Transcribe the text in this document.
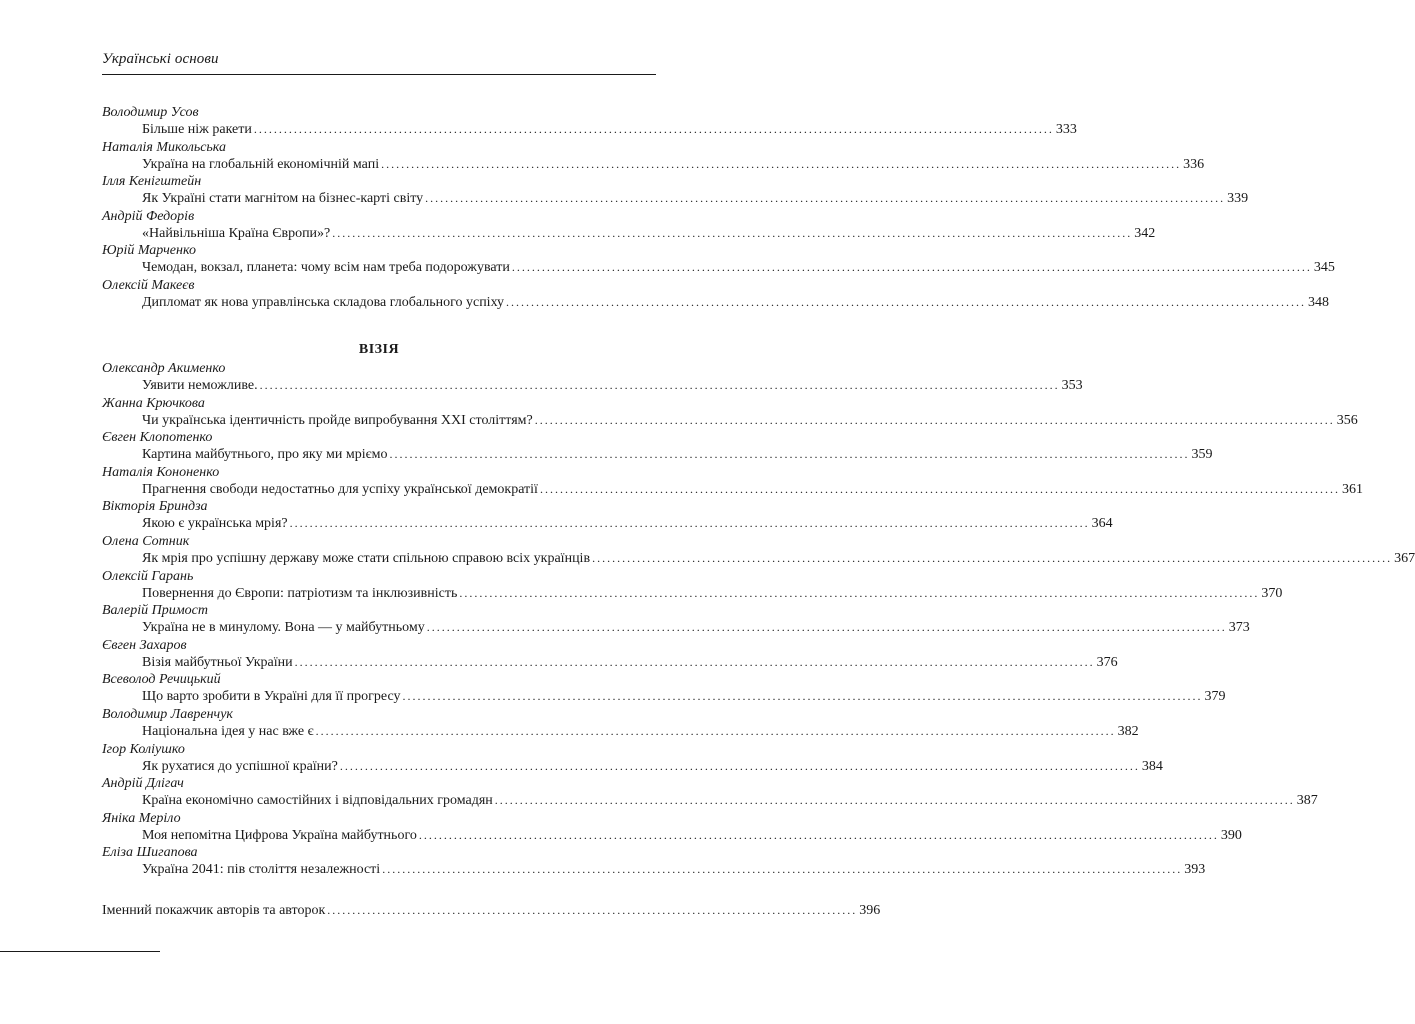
Українські основи
Володимир Усов
Більше ніж ракети ................................................................................................................................................................ 333
Наталія Микольська
Україна на глобальній економічній мапі ................................................................................................................................................................ 336
Ілля Кенігштейн
Як Україні стати магнітом на бізнес-карті світу ................................................................................................................................................................ 339
Андрій Федорів
«Найвільніша Країна Європи»? ................................................................................................................................................................ 342
Юрій Марченко
Чемодан, вокзал, планета: чому всім нам треба подорожувати ................................................................................................................................................................ 345
Олексій Макеєв
Дипломат як нова управлінська складова глобального успіху ................................................................................................................................................................ 348
ВІЗІЯ
Олександр Акименко
Уявити неможливе. ................................................................................................................................................................ 353
Жанна Крючкова
Чи українська ідентичність пройде випробування XXI століттям? ................................................................................................................................................................ 356
Євген Клопотенко
Картина майбутнього, про яку ми мріємо ................................................................................................................................................................ 359
Наталія Кононенко
Прагнення свободи недостатньо для успіху української демократії ................................................................................................................................................................ 361
Вікторія Бриндза
Якою є українська мрія? ................................................................................................................................................................ 364
Олена Сотник
Як мрія про успішну державу може стати спільною справою всіх українців ................................................................................................................................................................ 367
Олексій Гарань
Повернення до Європи: патріотизм та інклюзивність ................................................................................................................................................................ 370
Валерій Примост
Україна не в минулому. Вона — у майбутньому ................................................................................................................................................................ 373
Євген Захаров
Візія майбутньої України ................................................................................................................................................................ 376
Всеволод Речицький
Що варто зробити в Україні для її прогресу ................................................................................................................................................................ 379
Володимир Лавренчук
Національна ідея у нас вже є ................................................................................................................................................................ 382
Ігор Коліушко
Як рухатися до успішної країни? ................................................................................................................................................................ 384
Андрій Длігач
Країна економічно самостійних і відповідальних громадян ................................................................................................................................................................ 387
Яніка Меріло
Моя непомітна Цифрова Україна майбутнього ................................................................................................................................................................ 390
Еліза Шигапова
Україна 2041: пів століття незалежності ................................................................................................................................................................ 393
Іменний покажчик авторів та авторок .......................................................................................................... 396
